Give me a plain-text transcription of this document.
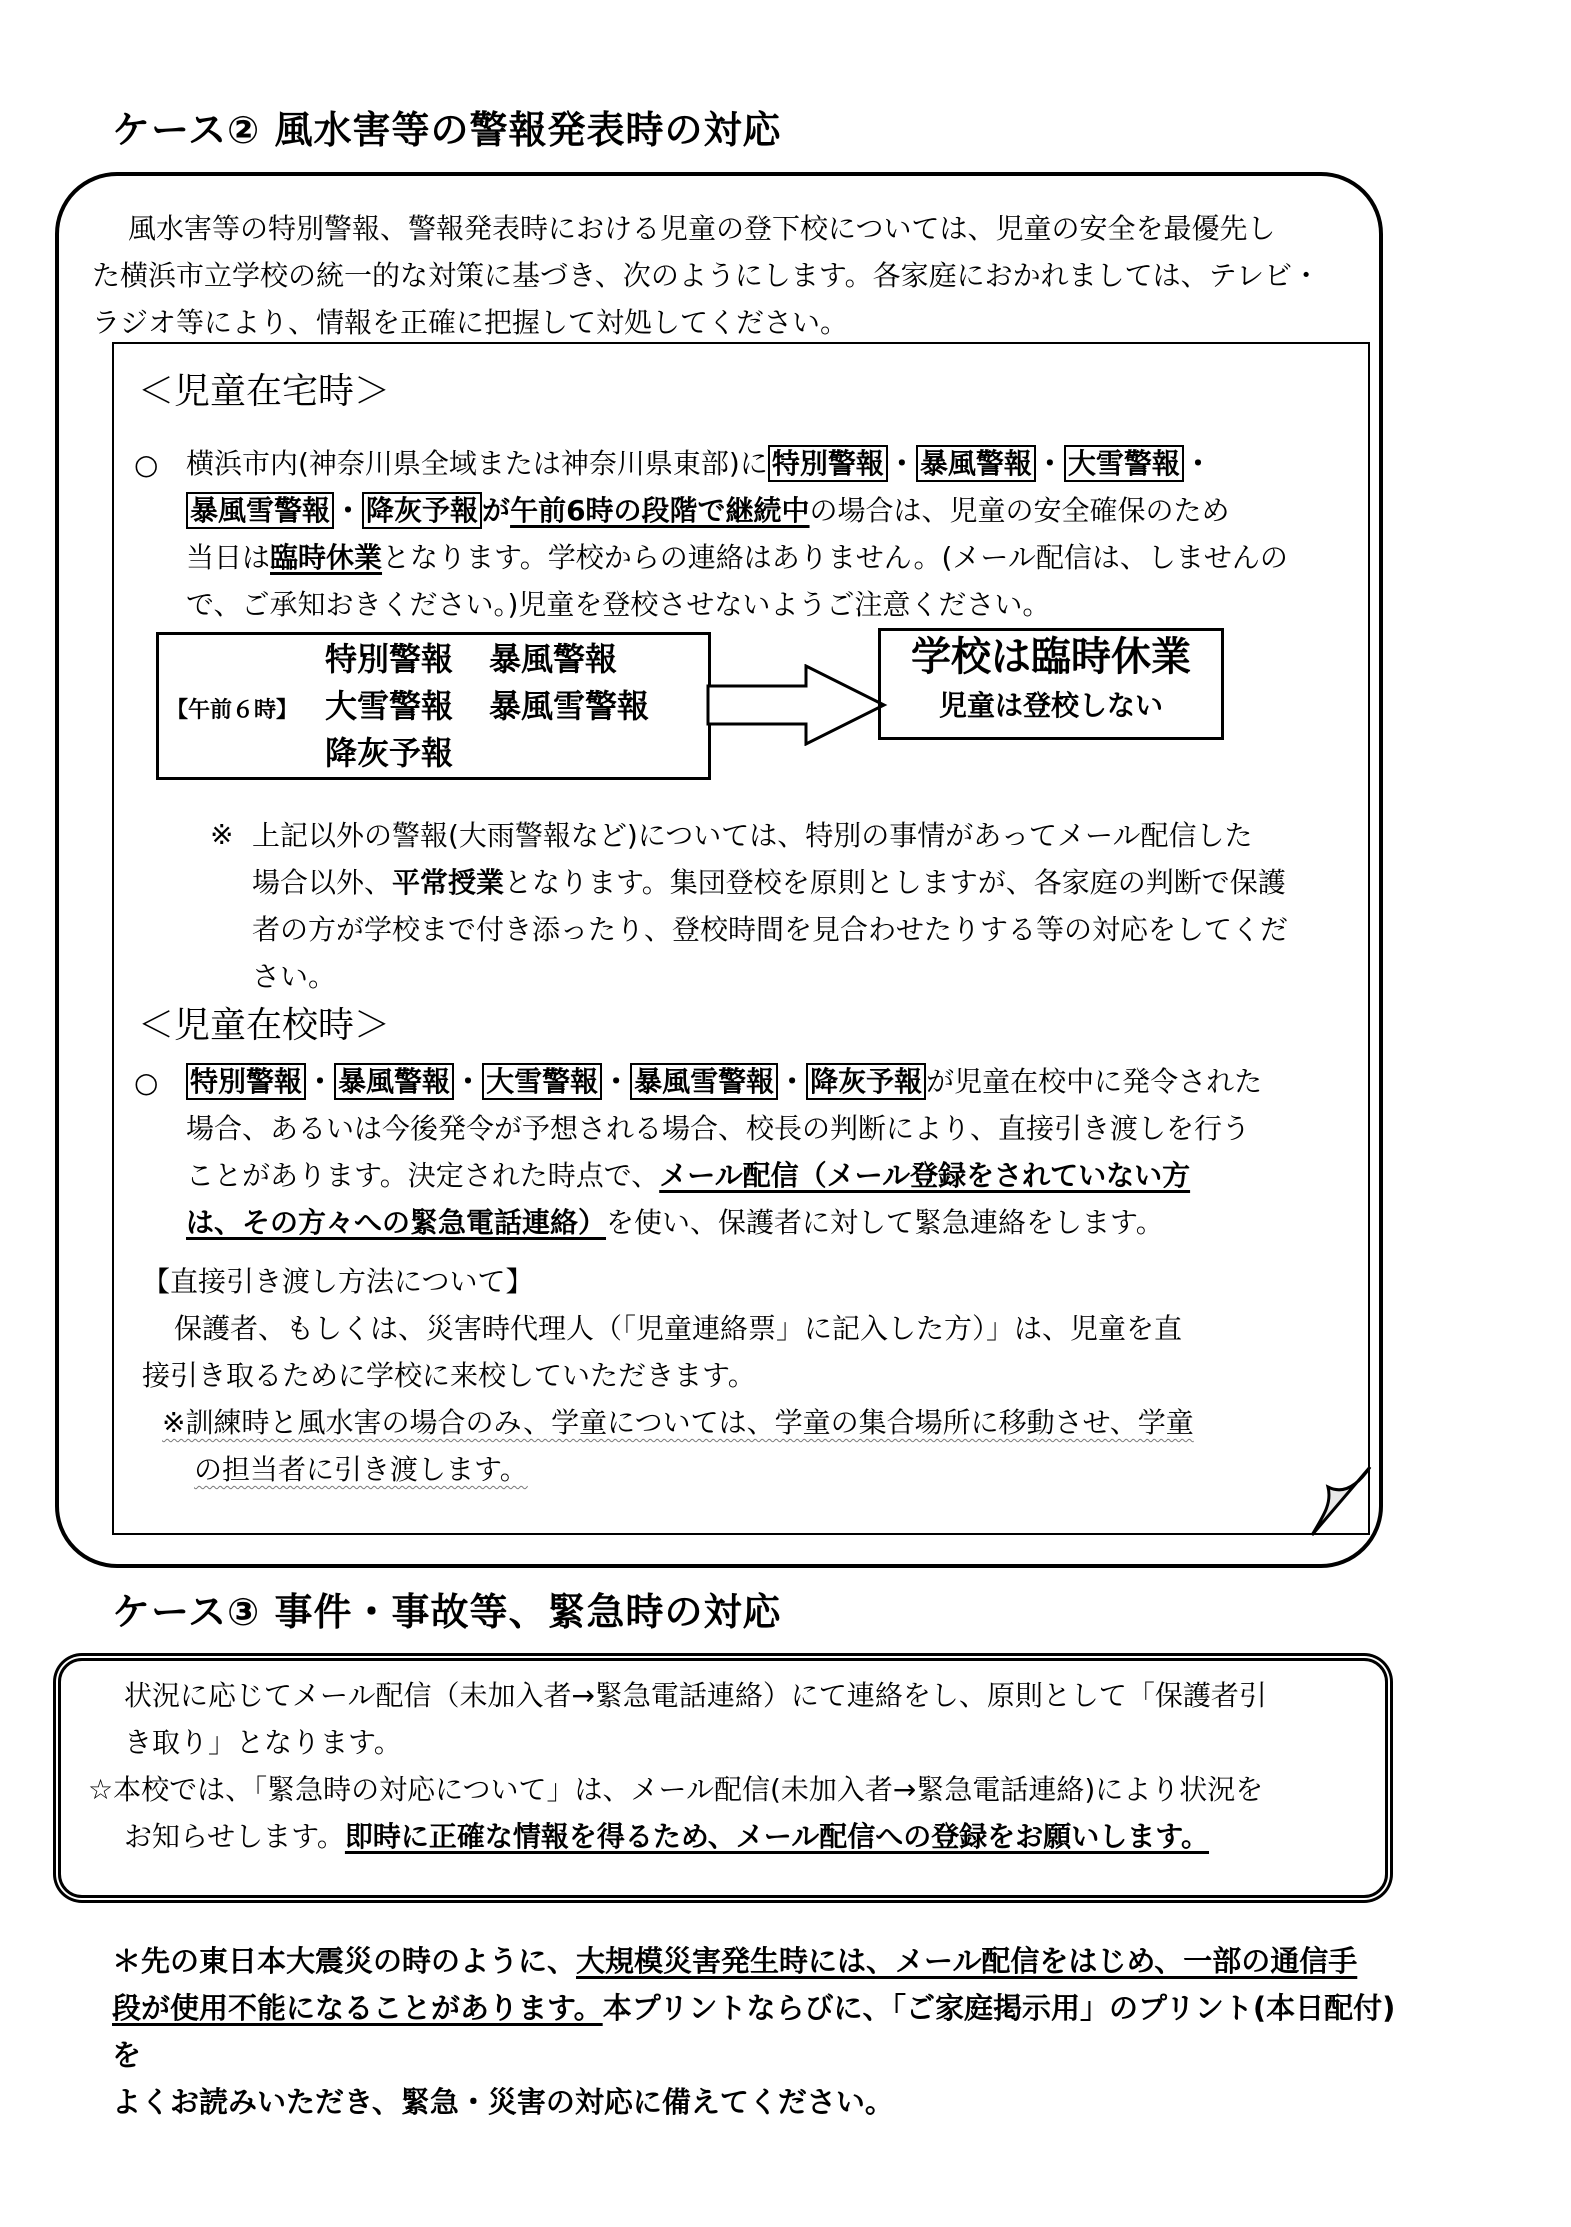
ケース② 風水害等の警報発表時の対応
風水害等の特別警報、警報発表時における児童の登下校については、児童の安全を最優先し
た横浜市立学校の統一的な対策に基づき、次のようにします。各家庭におかれましては、テレビ・
ラジオ等により、情報を正確に把握して対処してください。
＜児童在宅時＞
○ 横浜市内(神奈川県全域または神奈川県東部)に 特別警報 ・ 暴風警報 ・ 大雪警報 ・
暴風雪警報 ・ 降灰予報 が午前6時の段階で継続中の場合は、児童の安全確保のため
当日は臨時休業となります。学校からの連絡はありません。(メール配信は、しませんの
で、ご承知おきください。)児童を登校させないようご注意ください。
【午前６時】
特別警報 暴風警報
大雪警報 暴風雪警報
降灰予報
学校は臨時休業
児童は登校しない
※ 上記以外の警報(大雨警報など)については、特別の事情があってメール配信した
場合以外、平常授業となります。集団登校を原則としますが、各家庭の判断で保護
者の方が学校まで付き添ったり、登校時間を見合わせたりする等の対応をしてくだ
さい。
＜児童在校時＞
○ 特別警報 ・ 暴風警報 ・ 大雪警報 ・ 暴風雪警報 ・ 降灰予報 が児童在校中に発令された
場合、あるいは今後発令が予想される場合、校長の判断により、直接引き渡しを行う
ことがあります。決定された時点で、メール配信（メール登録をされていない方
は、その方々への緊急電話連絡）を使い、保護者に対して緊急連絡をします。
【直接引き渡し方法について】
保護者、もしくは、災害時代理人（「児童連絡票」に記入した方）」は、児童を直
接引き取るために学校に来校していただきます。
※訓練時と風水害の場合のみ、学童については、学童の集合場所に移動させ、学童
の担当者に引き渡します。
ケース③ 事件・事故等、緊急時の対応
状況に応じてメール配信（未加入者→緊急電話連絡）にて連絡をし、原則として「保護者引
き取り」となります。
☆本校では、「緊急時の対応について」は、メール配信(未加入者→緊急電話連絡)により状況を
お知らせします。即時に正確な情報を得るため、メール配信への登録をお願いします。
＊先の東日本大震災の時のように、大規模災害発生時には、メール配信をはじめ、一部の通信手
段が使用不能になることがあります。本プリントならびに、「ご家庭掲示用」のプリント(本日配付)を
よくお読みいただき、緊急・災害の対応に備えてください。
